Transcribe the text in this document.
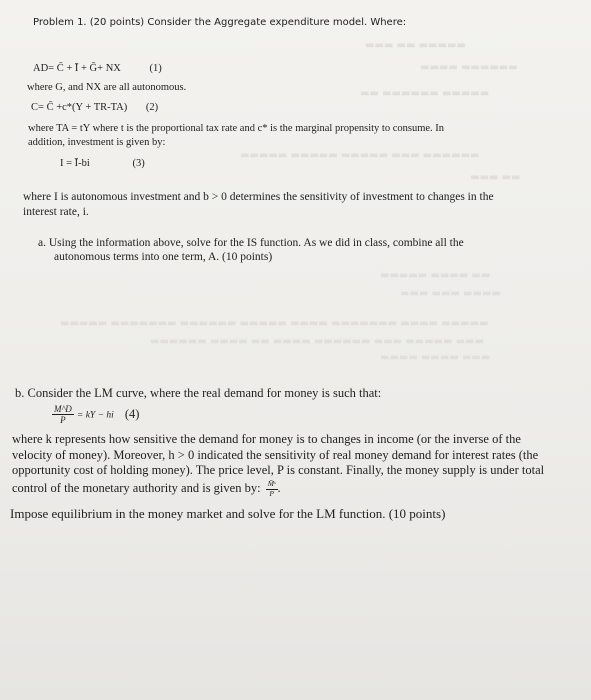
▬▬▬ ▬▬ ▬▬▬▬▬
▬▬▬▬ ▬▬▬▬▬▬
▬▬ ▬▬▬▬▬▬ ▬▬▬▬▬
▬▬▬▬▬ ▬▬▬▬▬ ▬▬▬▬▬ ▬▬▬ ▬▬▬▬▬▬
▬▬▬ ▬▬
▬▬▬▬▬ ▬▬▬▬ ▬▬
▬▬▬ ▬▬▬ ▬▬▬▬
▬▬▬▬▬ ▬▬▬▬▬▬▬ ▬▬▬▬▬▬ ▬▬▬▬▬ ▬▬▬▬ ▬▬▬▬▬▬▬ ▬▬▬▬ ▬▬▬▬▬
▬▬▬▬▬▬ ▬▬▬▬ ▬▬ ▬▬▬▬ ▬▬▬▬▬▬ ▬▬▬ ▬▬▬▬▬ ▬▬▬
▬▬▬▬ ▬▬▬▬ ▬▬▬
Problem 1. (20 points) Consider the Aggregate expenditure model. Where:
AD= C̄ + Ī + Ḡ+ NX	(1)
where G, and NX are all autonomous.
C= C̄ +c*(Y + TR-TA) (2)
where TA = tY where t is the proportional tax rate and c* is the marginal propensity to consume. In
addition, investment is given by:
I = Ī-bi	(3)
where I is autonomous investment and b > 0 determines the sensitivity of investment to changes in the
interest rate, i.
a. Using the information above, solve for the IS function. As we did in class, combine all the
autonomous terms into one term, A. (10 points)
b. Consider the LM curve, where the real demand for money is such that:
$\frac{M\^{}D}{P}$ = kY − hi (4)
where k represents how sensitive the demand for money is to changes in income (or the inverse of the
velocity of money). Moreover, h > 0 indicated the sensitivity of real money demand for interest rates (the
opportunity cost of holding money). The price level, P is constant. Finally, the money supply is under total
control of the monetary authority and is given by: $\frac{\text{M̄ˢ}}{P}$ .
Impose equilibrium in the money market and solve for the LM function. (10 points)
